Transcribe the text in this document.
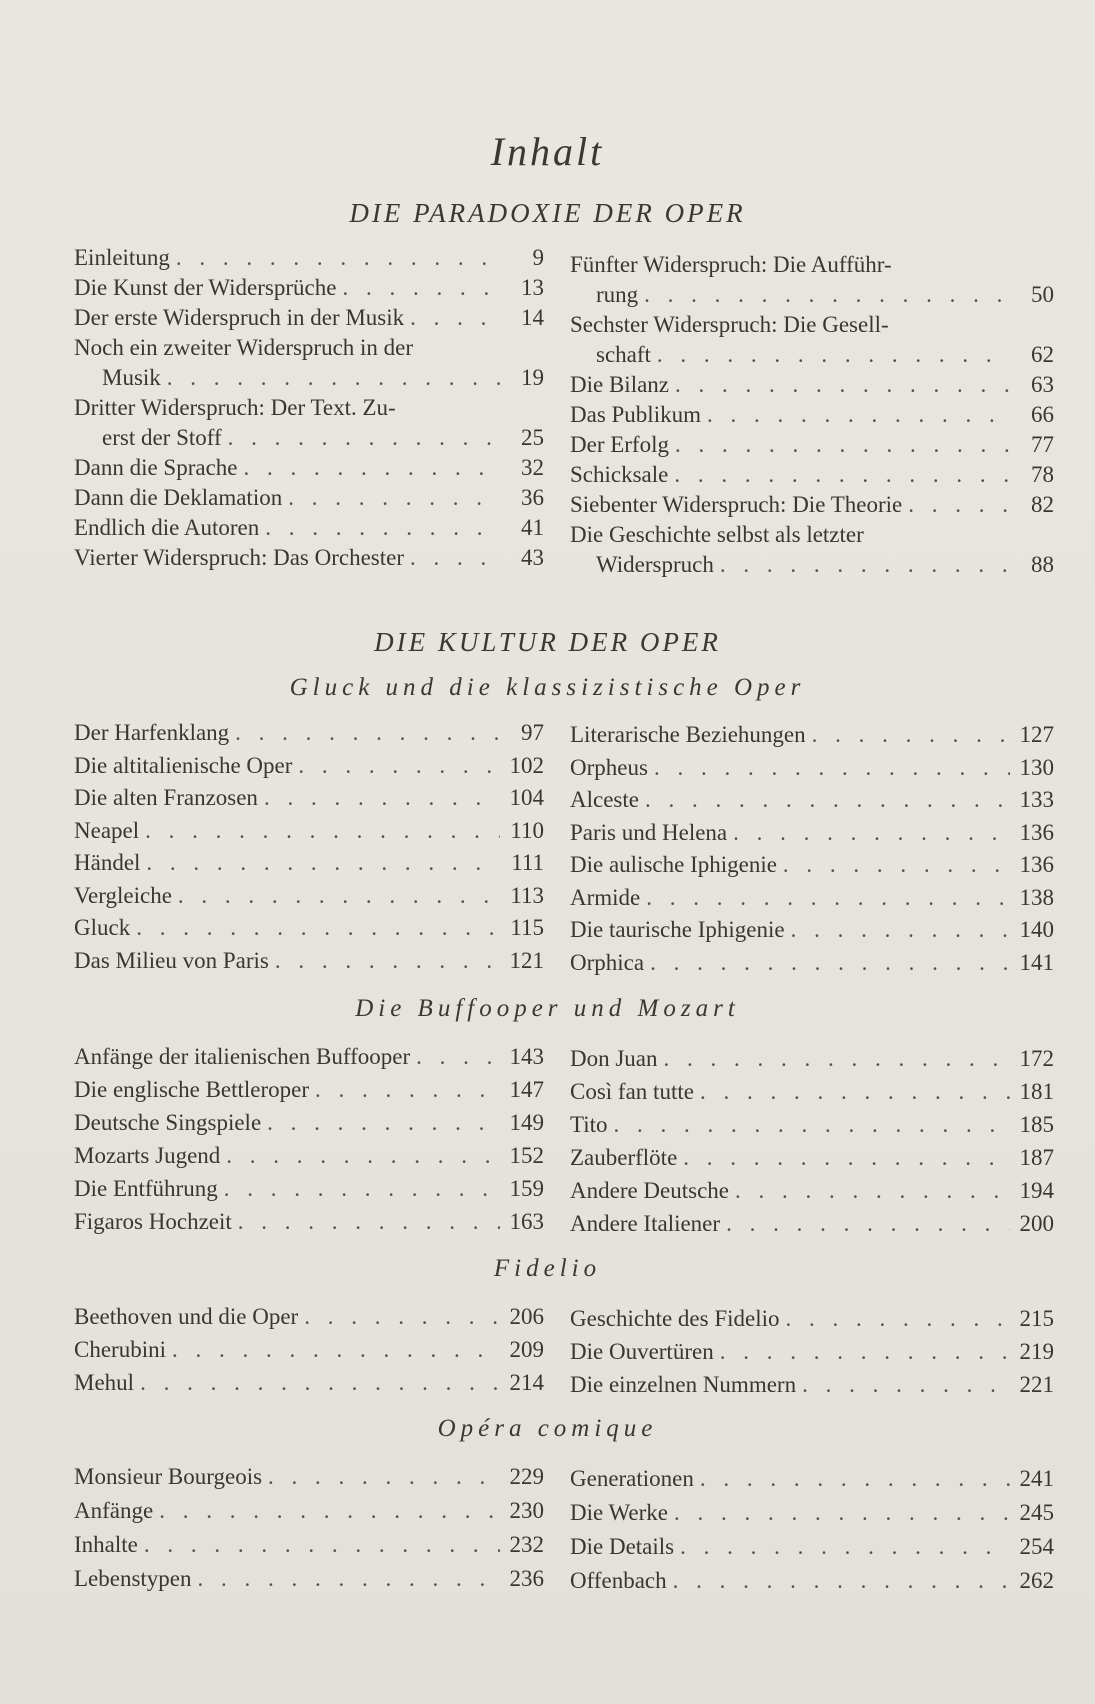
Inhalt
DIE PARADOXIE DER OPER
Einleitung . . .	9
Die Kunst der Widersprüche . . .	13
Der erste Widerspruch in der Musik . . .	14
Noch ein zweiter Widerspruch in der
Musik . . .	19
Dritter Widerspruch: Der Text. Zu-
erst der Stoff . . .	25
Dann die Sprache . . .	32
Dann die Deklamation . . .	36
Endlich die Autoren . . .	41
Vierter Widerspruch: Das Orchester . . .	43
Fünfter Widerspruch: Die Aufführ-
rung . . .	50
Sechster Widerspruch: Die Gesell-
schaft . . .	62
Die Bilanz . . .	63
Das Publikum . . .	66
Der Erfolg . . .	77
Schicksale . . .	78
Siebenter Widerspruch: Die Theorie . . .	82
Die Geschichte selbst als letzter
Widerspruch . . .	88
DIE KULTUR DER OPER
Gluck und die klassizistische Oper
Die Buffooper und Mozart
Fidelio
Opéra comique
Der Harfenklang . . .	97
Die altitalienische Oper . . .	102
Die alten Franzosen . . .	104
Neapel . . .	110
Händel . . .	111
Vergleiche . . .	113
Gluck . . .	115
Das Milieu von Paris . . .	121
Literarische Beziehungen . . .	127
Orpheus . . .	130
Alceste . . .	133
Paris und Helena . . .	136
Die aulische Iphigenie . . .	136
Armide . . .	138
Die taurische Iphigenie . . .	140
Orphica . . .	141
Anfänge der italienischen Buffooper . . .	143
Die englische Bettleroper . . .	147
Deutsche Singspiele . . .	149
Mozarts Jugend . . .	152
Die Entführung . . .	159
Figaros Hochzeit . . .	163
Don Juan . . .	172
Così fan tutte . . .	181
Tito . . .	185
Zauberflöte . . .	187
Andere Deutsche . . .	194
Andere Italiener . . .	200
Beethoven und die Oper . . .	206
Cherubini . . .	209
Mehul . . .	214
Geschichte des Fidelio . . .	215
Die Ouvertüren . . .	219
Die einzelnen Nummern . . .	221
Monsieur Bourgeois . . .	229
Anfänge . . .	230
Inhalte . . .	232
Lebenstypen . . .	236
Generationen . . .	241
Die Werke . . .	245
Die Details . . .	254
Offenbach . . .	262
